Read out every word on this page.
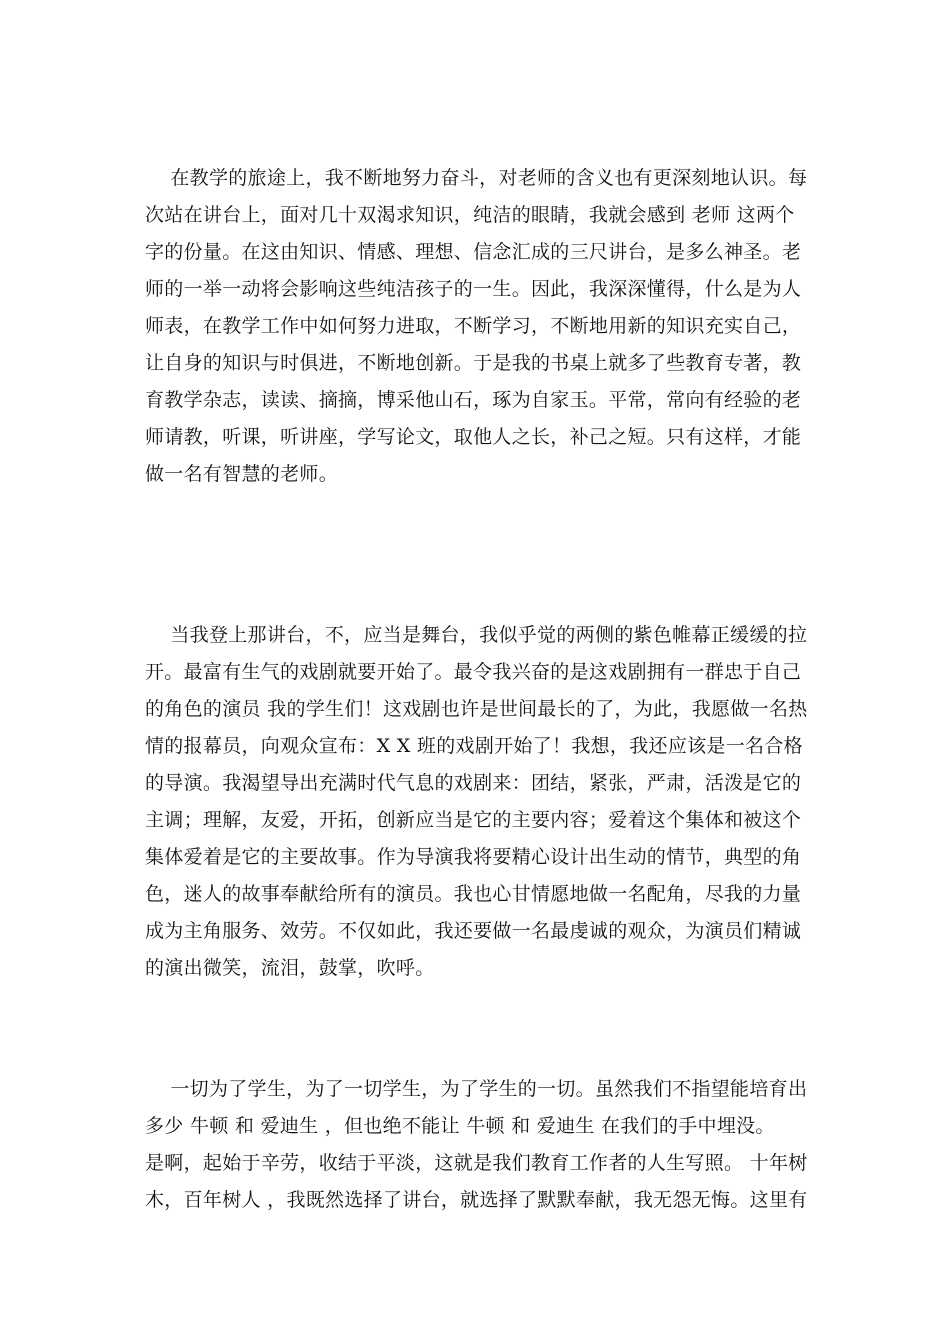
在教学的旅途上，我不断地努力奋斗，对老师的含义也有更深刻地认识。每
次站在讲台上，面对几十双渴求知识，纯洁的眼睛，我就会感到 老师 这两个
字的份量。在这由知识、情感、理想、信念汇成的三尺讲台，是多么神圣。老
师的一举一动将会影响这些纯洁孩子的一生。因此，我深深懂得，什么是为人
师表，在教学工作中如何努力进取，不断学习，不断地用新的知识充实自己，
让自身的知识与时俱进，不断地创新。于是我的书桌上就多了些教育专著，教
育教学杂志，读读、摘摘，博采他山石，琢为自家玉。平常，常向有经验的老
师请教，听课，听讲座，学写论文，取他人之长，补己之短。只有这样，才能
做一名有智慧的老师。
当我登上那讲台，不，应当是舞台，我似乎觉的两侧的紫色帷幕正缓缓的拉
开。最富有生气的戏剧就要开始了。最令我兴奋的是这戏剧拥有一群忠于自己
的角色的演员 我的学生们！这戏剧也许是世间最长的了，为此，我愿做一名热
情的报幕员，向观众宣布：X X 班的戏剧开始了！我想，我还应该是一名合格
的导演。我渴望导出充满时代气息的戏剧来：团结，紧张，严肃，活泼是它的
主调；理解，友爱，开拓，创新应当是它的主要内容；爱着这个集体和被这个
集体爱着是它的主要故事。作为导演我将要精心设计出生动的情节，典型的角
色，迷人的故事奉献给所有的演员。我也心甘情愿地做一名配角，尽我的力量
成为主角服务、效劳。不仅如此，我还要做一名最虔诚的观众，为演员们精诚
的演出微笑，流泪，鼓掌，吹呼。
一切为了学生，为了一切学生，为了学生的一切。虽然我们不指望能培育出
多少 牛顿 和 爱迪生 ，但也绝不能让 牛顿 和 爱迪生 在我们的手中埋没。
是啊，起始于辛劳，收结于平淡，这就是我们教育工作者的人生写照。 十年树
木，百年树人 ，我既然选择了讲台，就选择了默默奉献，我无怨无悔。这里有
